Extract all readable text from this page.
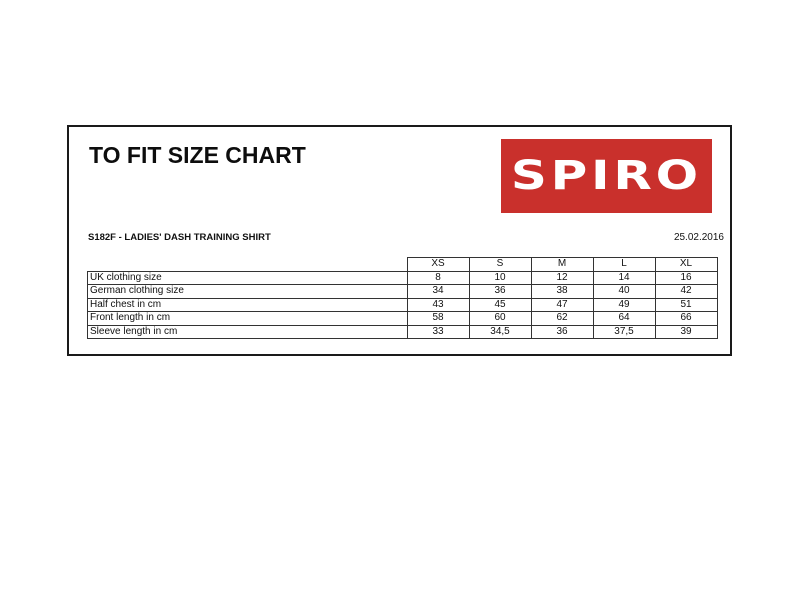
TO FIT SIZE CHART	SPIRO
S182F - LADIES' DASH TRAINING SHIRT	25.02.2016
	XS	S	M	L	XL
UK clothing size	8	10	12	14	16
German clothing size	34	36	38	40	42
Half chest in cm	43	45	47	49	51
Front length in cm	58	60	62	64	66
Sleeve length in cm	33	34,5	36	37,5	39
